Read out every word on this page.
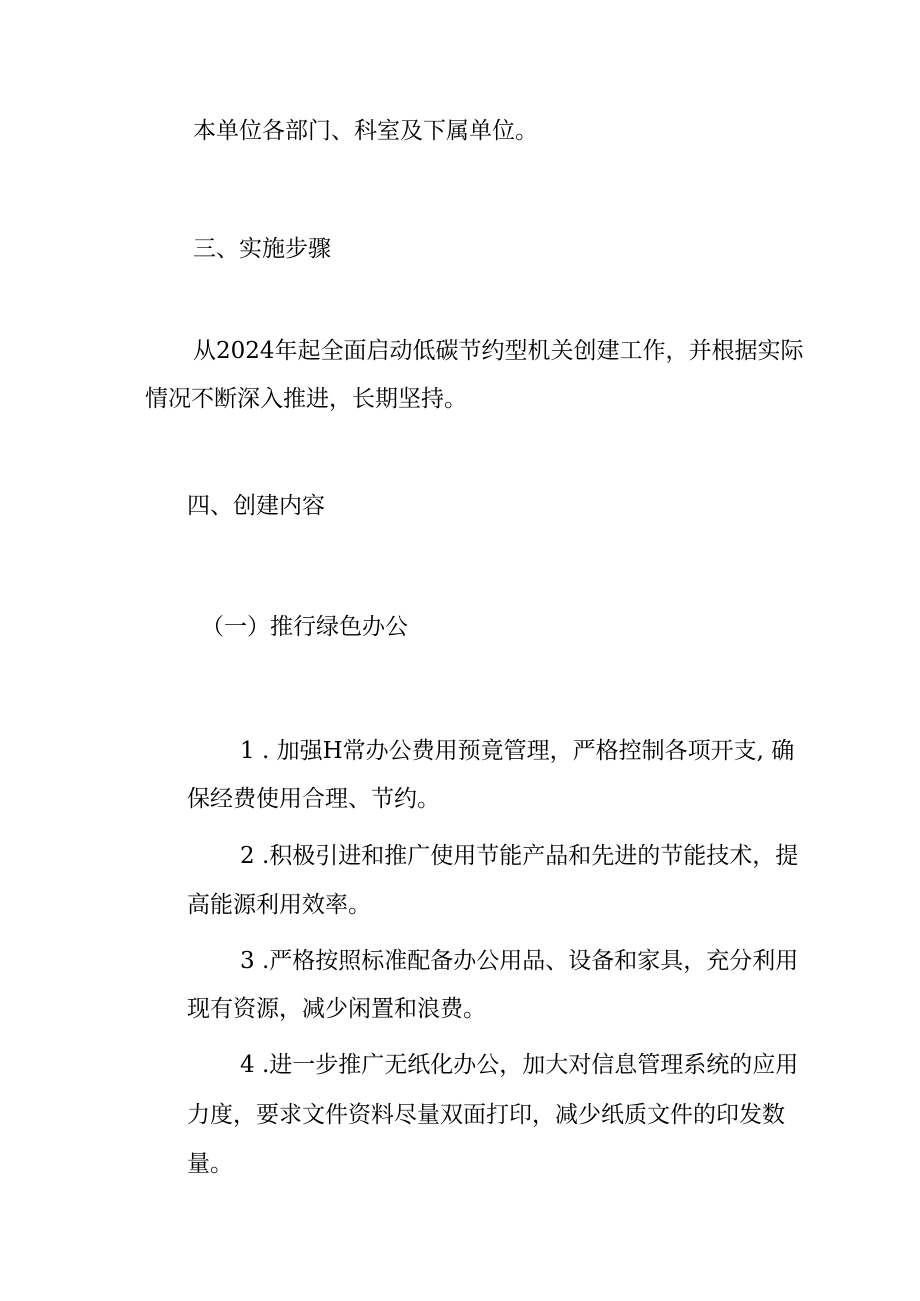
本单位各部门、科室及下属单位。

三、实施步骤

从2024年起全面启动低碳节约型机关创建工作，并根据实际

情况不断深入推进，长期坚持。

四、创建内容

（一）推行绿色办公

1 . 加强H常办公费用预竟管理，严格控制各项开支, 确

保经费使用合理、节约。

2 .积极引进和推广使用节能产品和先进的节能技术，提

高能源利用效率。

3 .严格按照标准配备办公用品、设备和家具，充分利用

现有资源，减少闲置和浪费。

4 .进一步推广无纸化办公，加大对信息管理系统的应用

力度，要求文件资料尽量双面打印，减少纸质文件的印发数

量。
